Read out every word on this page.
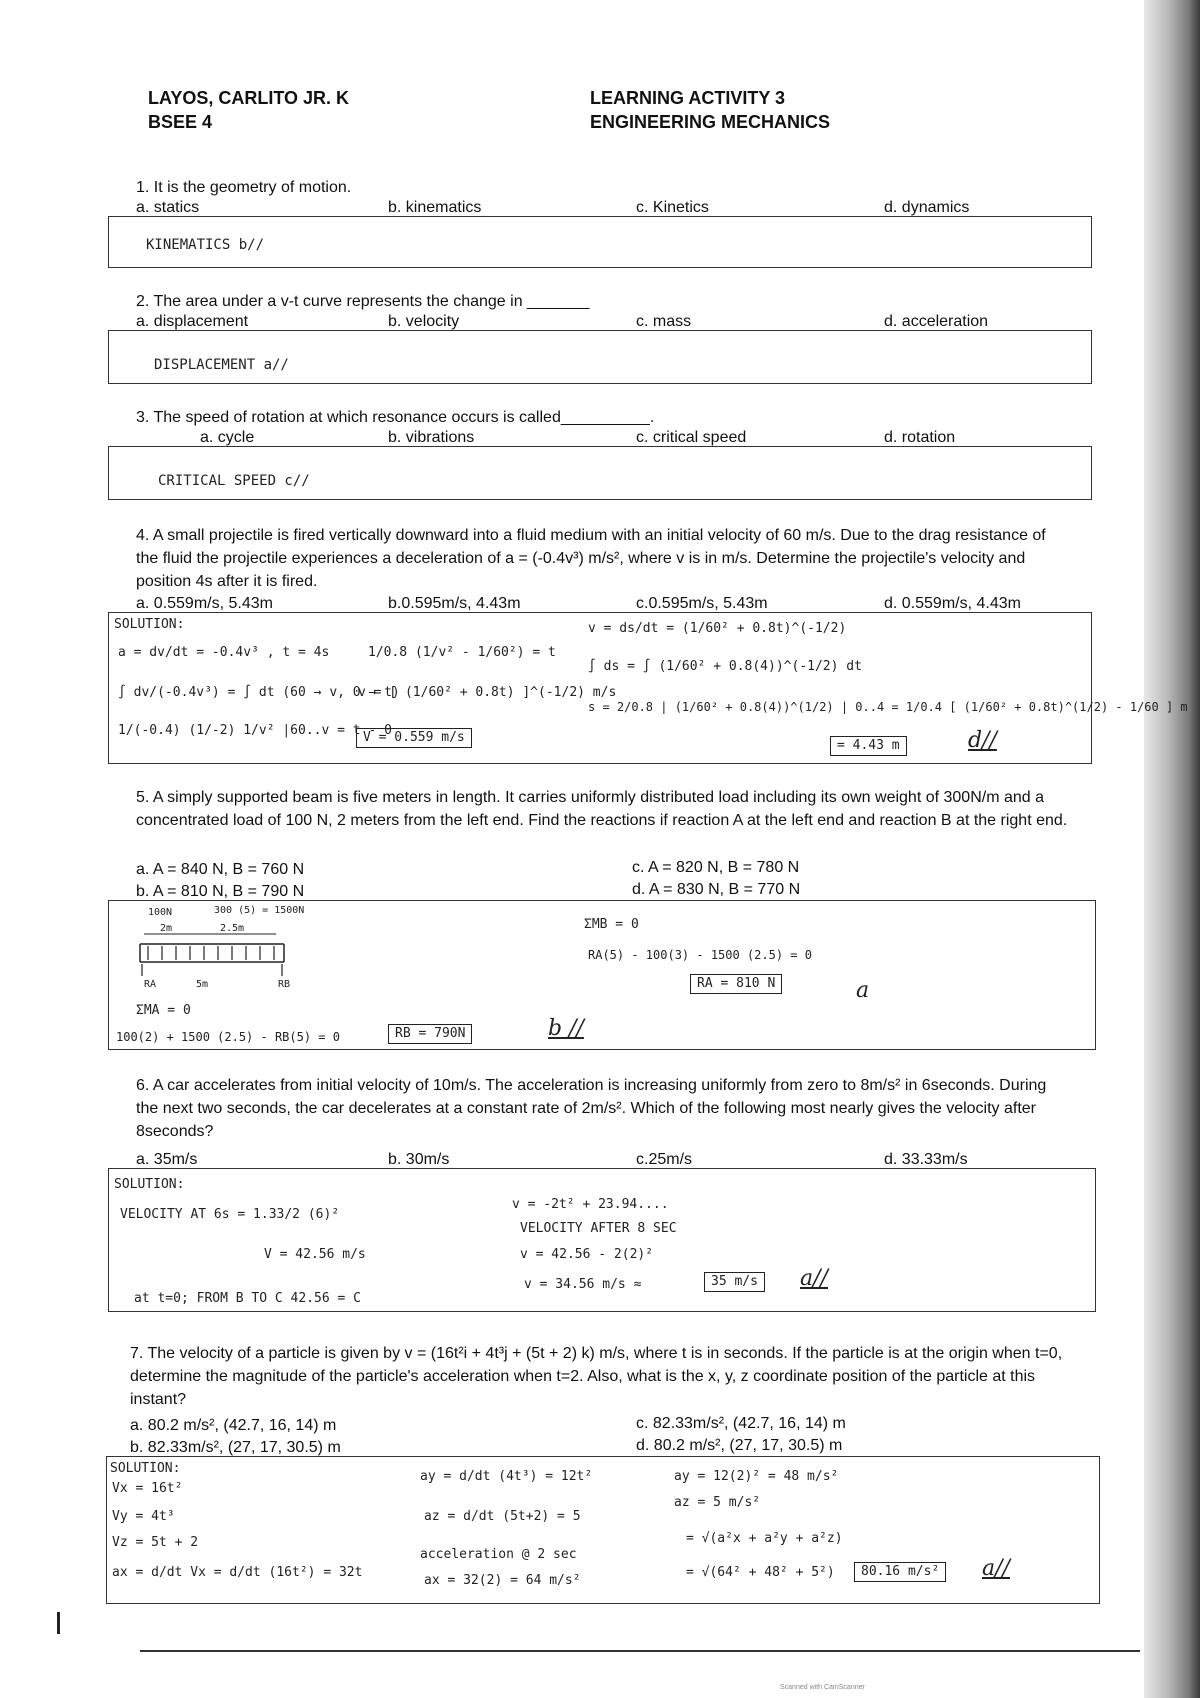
LAYOS, CARLITO JR. K
BSEE 4
LEARNING ACTIVITY 3
ENGINEERING MECHANICS
1. It is the geometry of motion.
a. statics	b. kinematics	c. Kinetics	d. dynamics
KINEMATICS b//
2. The area under a v-t curve represents the change in _______
a. displacement	b. velocity	c. mass	d. acceleration
DISPLACEMENT a//
3. The speed of rotation at which resonance occurs is called__________.
a. cycle	b. vibrations	c. critical speed	d. rotation
CRITICAL SPEED c//
4. A small projectile is fired vertically downward into a fluid medium with an initial velocity of 60 m/s. Due to the drag resistance of the fluid the projectile experiences a deceleration of a = (-0.4v³) m/s², where v is in m/s. Determine the projectile's velocity and position 4s after it is fired.
a. 0.559m/s, 5.43m	b.0.595m/s, 4.43m	c.0.595m/s, 5.43m	d. 0.559m/s, 4.43m
SOLUTION:
a = dv/dt = -0.4v³ , t = 4s
∫ dv/(-0.4v³) = ∫ dt (60 → v, 0 → t)
1/(-0.4) (1/-2) 1/v² |60..v = t - 0
1/0.8 (1/v² - 1/60²) = t
v = [ (1/60² + 0.8t) ]^(-1/2) m/s
V = 0.559 m/s
v = ds/dt = (1/60² + 0.8t)^(-1/2)
∫ ds = ∫ (1/60² + 0.8(4))^(-1/2) dt
s = 2/0.8 | (1/60² + 0.8(4))^(1/2) | 0..4 = 1/0.4 [ (1/60² + 0.8t)^(1/2) - 1/60 ] m
= 4.43 m	d//
5. A simply supported beam is five meters in length. It carries uniformly distributed load including its own weight of 300N/m and a concentrated load of 100 N, 2 meters from the left end. Find the reactions if reaction A at the left end and reaction B at the right end.
a. A = 840 N, B = 760 N	c. A = 820 N, B = 780 N
b. A = 810 N, B = 790 N	d. A = 830 N, B = 770 N
100N	300 (5) = 1500N
2m	2.5m
RA	5m	RB
ΣMA = 0
100(2) + 1500 (2.5) - RB(5) = 0	RB = 790N	b //
ΣMB = 0
RA(5) - 100(3) - 1500 (2.5) = 0
RA = 810 N	a
6. A car accelerates from initial velocity of 10m/s. The acceleration is increasing uniformly from zero to 8m/s² in 6seconds. During the next two seconds, the car decelerates at a constant rate of 2m/s². Which of the following most nearly gives the velocity after 8seconds?
a. 35m/s	b. 30m/s	c.25m/s	d. 33.33m/s
SOLUTION:
VELOCITY AT 6s = 1.33/2 (6)²
V = 42.56 m/s
at t=0; FROM B TO C 42.56 = C
v = -2t² + 23.94....
VELOCITY AFTER 8 SEC
v = 42.56 - 2(2)²
v = 34.56 m/s ≈	35 m/s	a//
7. The velocity of a particle is given by v = (16t²i + 4t³j + (5t + 2) k) m/s, where t is in seconds. If the particle is at the origin when t=0, determine the magnitude of the particle's acceleration when t=2. Also, what is the x, y, z coordinate position of the particle at this instant?
a. 80.2 m/s², (42.7, 16, 14) m	c. 82.33m/s², (42.7, 16, 14) m
b. 82.33m/s², (27, 17, 30.5) m	d. 80.2 m/s², (27, 17, 30.5) m
SOLUTION:
Vx = 16t²
Vy = 4t³
Vz = 5t + 2
ax = d/dt Vx = d/dt (16t²) = 32t
ay = d/dt (4t³) = 12t²
az = d/dt (5t+2) = 5
acceleration @ 2 sec
ax = 32(2) = 64 m/s²
ay = 12(2)² = 48 m/s²
az = 5 m/s²
= √(a²x + a²y + a²z)
= √(64² + 48² + 5²)	80.16 m/s²	a//
Scanned with CamScanner
